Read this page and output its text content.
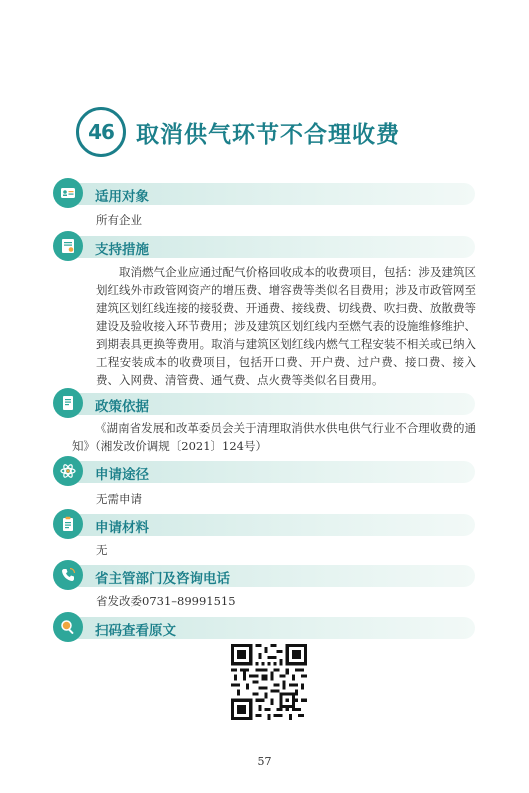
46 取消供气环节不合理收费
适用对象
所有企业
支持措施
取消燃气企业应通过配气价格回收成本的收费项目，包括：涉及建筑区划红线外市政管网资产的增压费、增容费等类似名目费用；涉及市政管网至建筑区划红线连接的接驳费、开通费、接线费、切线费、吹扫费、放散费等建设及验收接入环节费用；涉及建筑区划红线内至燃气表的设施维修维护、到期表具更换等费用。取消与建筑区划红线内燃气工程安装不相关或已纳入工程安装成本的收费项目，包括开口费、开户费、过户费、接口费、接入费、入网费、清管费、通气费、点火费等类似名目费用。
政策依据
《湖南省发展和改革委员会关于清理取消供水供电供气行业不合理收费的通知》（湘发改价调规〔2021〕124号）
申请途径
无需申请
申请材料
无
省主管部门及咨询电话
省发改委0731–89991515
扫码查看原文
57
